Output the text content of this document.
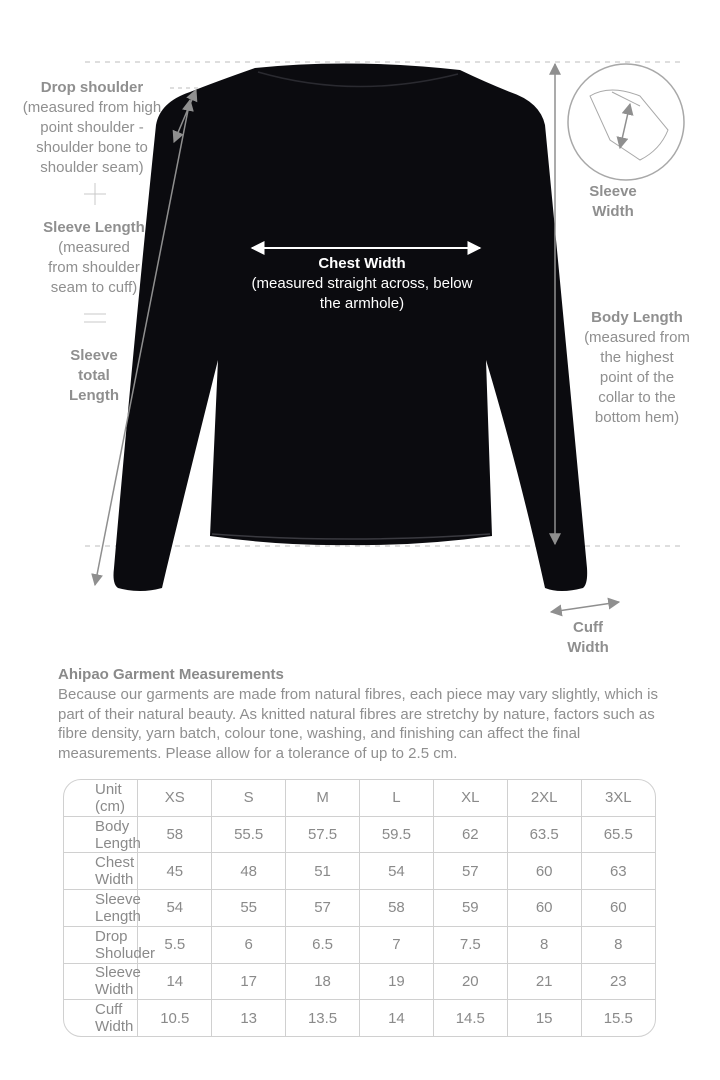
Chest Width
(measured straight across, below
the armhole)
Drop shoulder
(measured from high
point shoulder -
shoulder bone to
shoulder seam)
Sleeve Length
(measured
from shoulder
seam to cuff)
Sleeve
total
Length
Sleeve
Width
Body Length
(measured from
the highest
point of the
collar to the
bottom hem)
Cuff
Width
Ahipao Garment Measurements
Because our garments are made from natural fibres, each piece may vary slightly, which is part of their natural beauty. As knitted natural fibres are stretchy by nature, factors such as fibre density, yarn batch, colour tone, washing, and finishing can affect the final measurements. Please allow for a tolerance of up to 2.5 cm.
Unit (cm)	XS	S	M	L	XL	2XL	3XL
Body Length	58	55.5	57.5	59.5	62	63.5	65.5
Chest Width	45	48	51	54	57	60	63
Sleeve Length	54	55	57	58	59	60	60
Drop Sholuder	5.5	6	6.5	7	7.5	8	8
Sleeve Width	14	17	18	19	20	21	23
Cuff Width	10.5	13	13.5	14	14.5	15	15.5
